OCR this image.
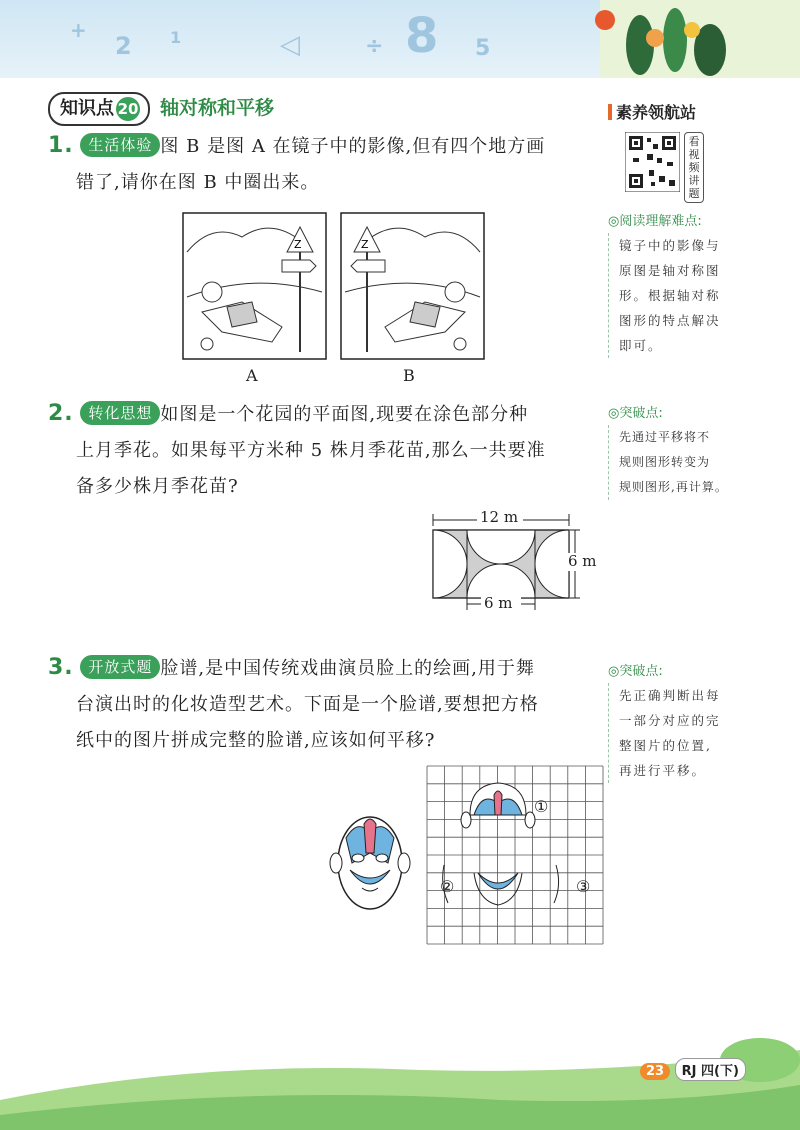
+
2 1	◁	÷ 8 5
知识点 20	轴对称和平移	素养领航站
看视频讲题
1. 生活体验 图 B 是图 A 在镜子中的影像,但有四个地方画
错了,请你在图 B 中圈出来。
Z	Z
A	B
◎阅读理解难点:
镜子中的影像与
原图是轴对称图
形。根据轴对称
图形的特点解决
即可。
2. 转化思想 如图是一个花园的平面图,现要在涂色部分种
上月季花。如果每平方米种 5 株月季花苗,那么一共要准
备多少株月季花苗?
12 m
6 m
6 m
◎突破点:
先通过平移将不
规则图形转变为
规则图形,再计算。
3. 开放式题 脸谱,是中国传统戏曲演员脸上的绘画,用于舞
台演出时的化妆造型艺术。下面是一个脸谱,要想把方格
纸中的图片拼成完整的脸谱,应该如何平移?
①
②	③
◎突破点:
先正确判断出每
一部分对应的完
整图片的位置,
再进行平移。
23 RJ 四(下)
